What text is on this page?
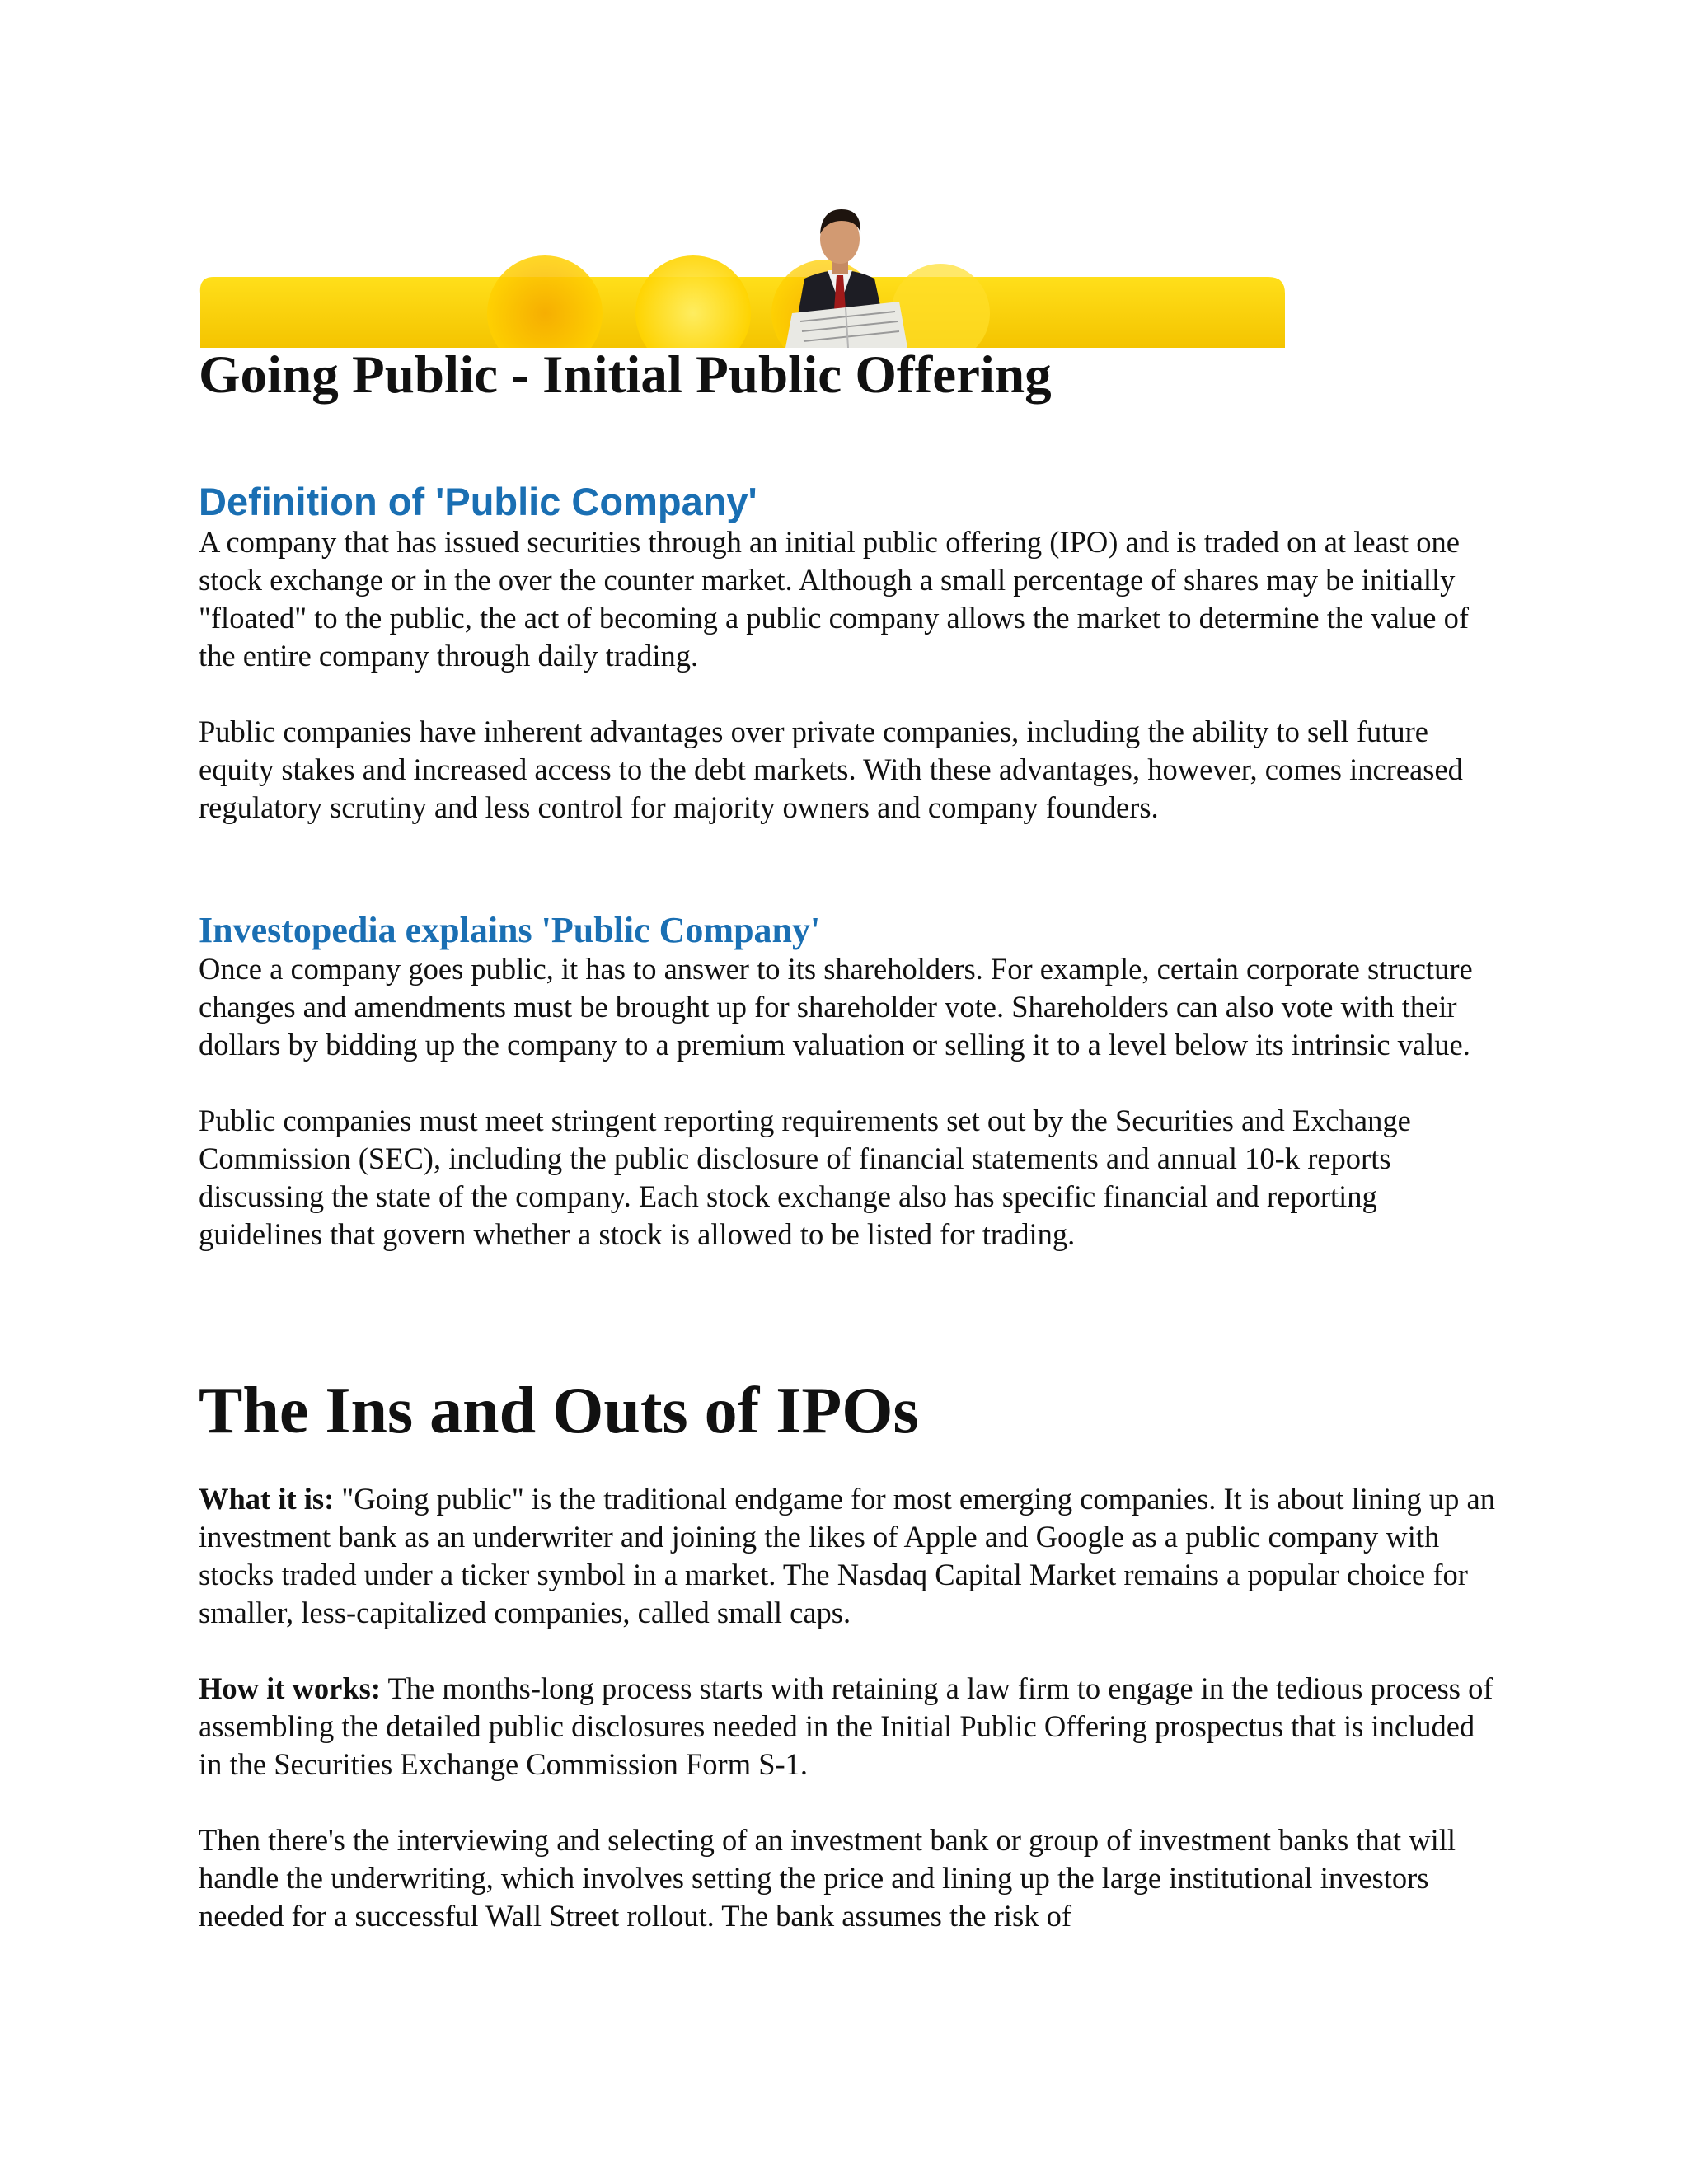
Going Public - Initial Public Offering
Definition of 'Public Company'

A company that has issued securities through an initial public offering (IPO) and is traded on at least one stock exchange or in the over the counter market. Although a small percentage of shares may be initially "floated" to the public, the act of becoming a public company allows the market to determine the value of the entire company through daily trading.

Public companies have inherent advantages over private companies, including the ability to sell future equity stakes and increased access to the debt markets. With these advantages, however, comes increased regulatory scrutiny and less control for majority owners and company founders.

Investopedia explains 'Public Company'

Once a company goes public, it has to answer to its shareholders. For example, certain corporate structure changes and amendments must be brought up for shareholder vote. Shareholders can also vote with their dollars by bidding up the company to a premium valuation or selling it to a level below its intrinsic value.

Public companies must meet stringent reporting requirements set out by the Securities and Exchange Commission (SEC), including the public disclosure of financial statements and annual 10-k reports discussing the state of the company. Each stock exchange also has specific financial and reporting guidelines that govern whether a stock is allowed to be listed for trading.

The Ins and Outs of IPOs

What it is: "Going public" is the traditional endgame for most emerging companies. It is about lining up an investment bank as an underwriter and joining the likes of Apple and Google as a public company with stocks traded under a ticker symbol in a market. The Nasdaq Capital Market remains a popular choice for smaller, less-capitalized companies, called small caps.

How it works: The months-long process starts with retaining a law firm to engage in the tedious process of assembling the detailed public disclosures needed in the Initial Public Offering prospectus that is included in the Securities Exchange Commission Form S-1.

Then there's the interviewing and selecting of an investment bank or group of investment banks that will handle the underwriting, which involves setting the price and lining up the large institutional investors needed for a successful Wall Street rollout. The bank assumes the risk of
